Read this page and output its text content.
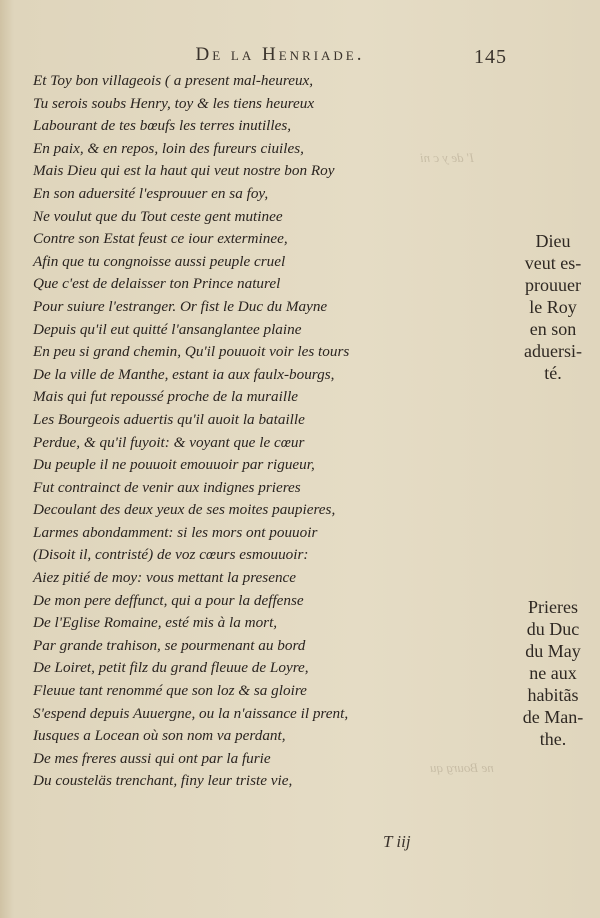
I' de y c ni
ne Bourg qu
De la Henriade.	145
Et Toy bon villageois ( a present mal-heureux,
Tu serois soubs Henry, toy & les tiens heureux
Labourant de tes bœufs les terres inutilles,
En paix, & en repos, loin des fureurs ciuiles,
Mais Dieu qui est la haut qui veut nostre bon Roy
En son aduersité l'esprouuer en sa foy,
Ne voulut que du Tout ceste gent mutinee
Contre son Estat feust ce iour exterminee,
Afin que tu congnoisse aussi peuple cruel
Que c'est de delaisser ton Prince naturel
Pour suiure l'estranger. Or fist le Duc du Mayne
Depuis qu'il eut quitté l'ansanglantee plaine
En peu si grand chemin, Qu'il pouuoit voir les tours
De la ville de Manthe, estant ia aux faulx-bourgs,
Mais qui fut repoussé proche de la muraille
Les Bourgeois aduertis qu'il auoit la bataille
Perdue, & qu'il fuyoit: & voyant que le cœur
Du peuple il ne pouuoit emouuoir par rigueur,
Fut contrainct de venir aux indignes prieres
Decoulant des deux yeux de ses moites paupieres,
Larmes abondamment: si les mors ont pouuoir
(Disoit il, contristé) de voz cœurs esmouuoir:
Aiez pitié de moy: vous mettant la presence
De mon pere deffunct, qui a pour la deffense
De l'Eglise Romaine, esté mis à la mort,
Par grande trahison, se pourmenant au bord
De Loiret, petit filz du grand fleuue de Loyre,
Fleuue tant renommé que son loz & sa gloire
S'espend depuis Auuergne, ou la n'aissance il prent,
Iusques a Locean où son nom va perdant,
De mes freres aussi qui ont par la furie
Du cousteläs trenchant, finy leur triste vie,
Dieu
veut es-
prouuer
le Roy
en son
aduersi-
té.
Prieres
du Duc
du May
ne aux
habitãs
de Man-
the.
T iij
